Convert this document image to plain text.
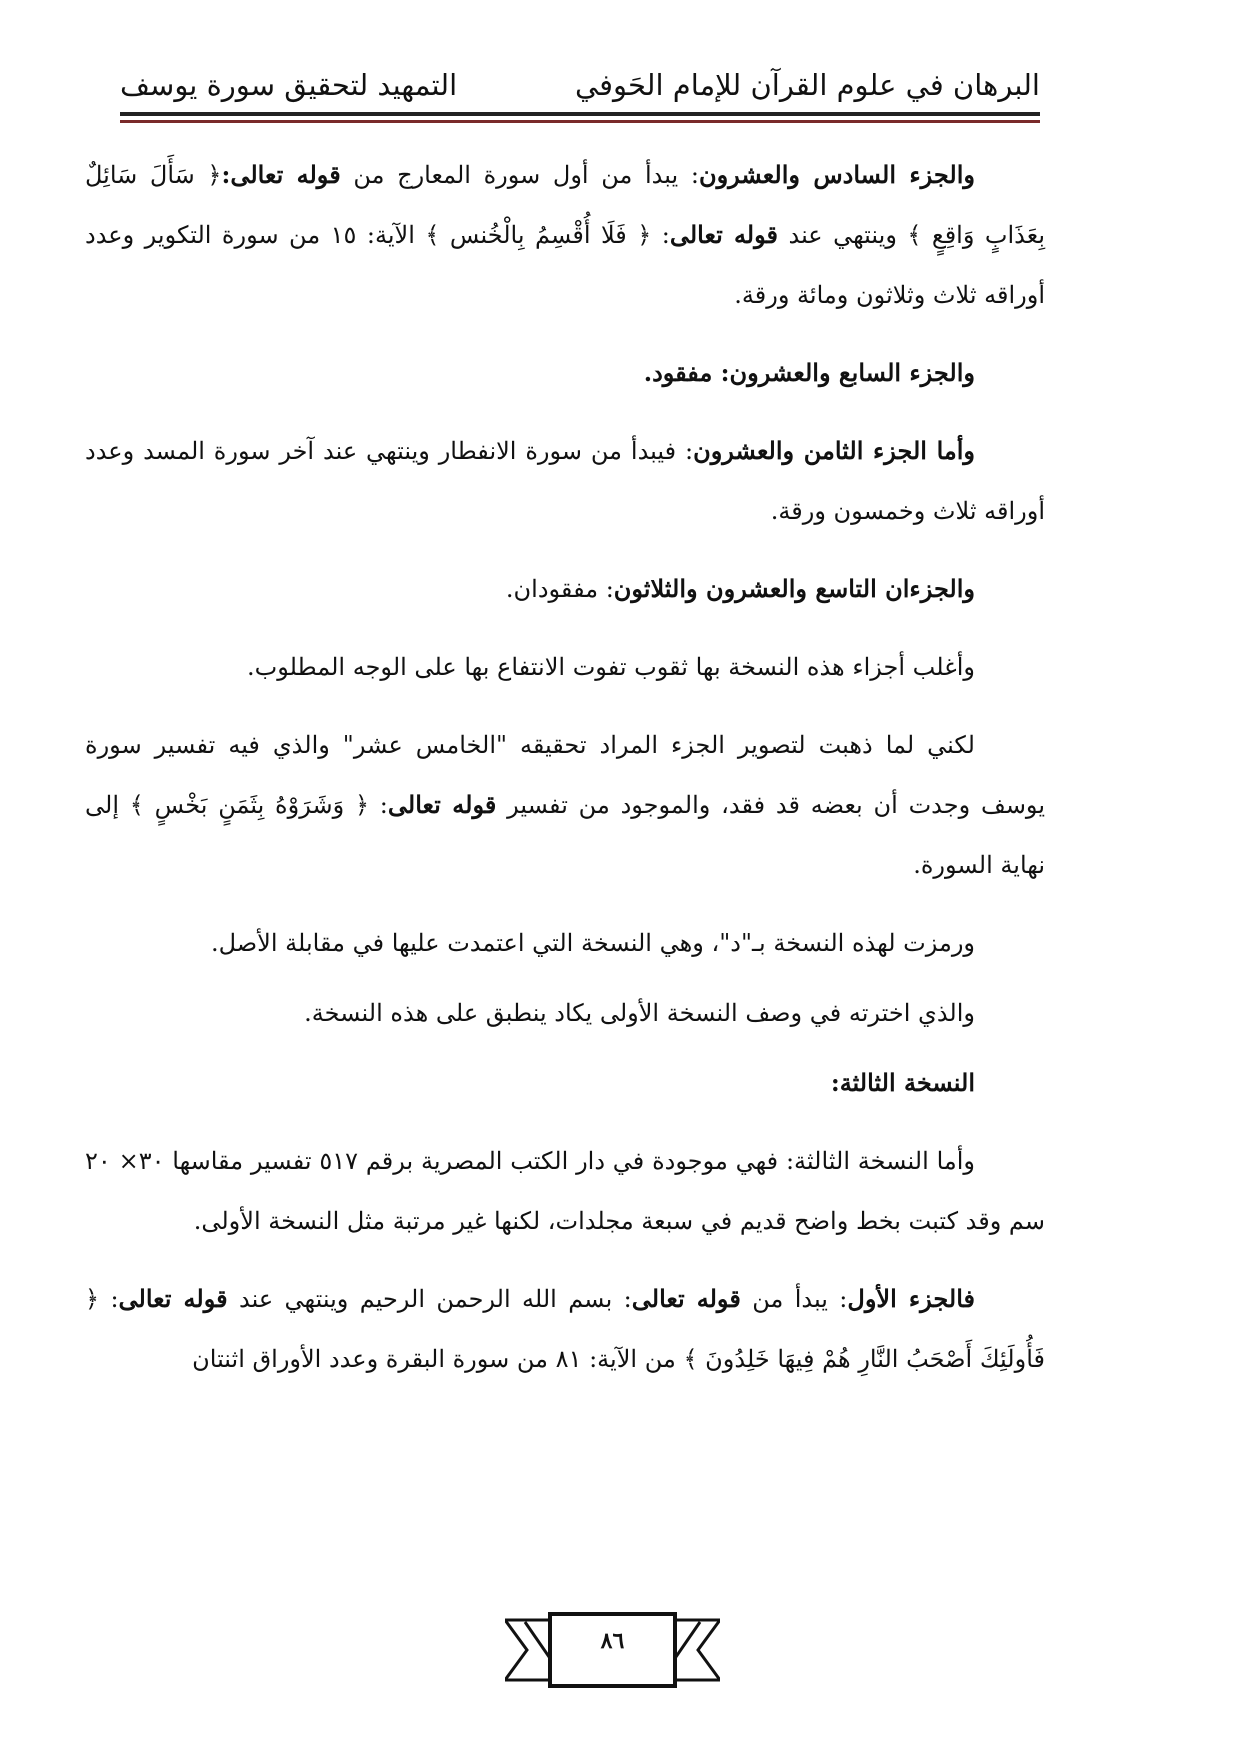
البرهان في علوم القرآن للإمام الحَوفي
التمهيد لتحقيق سورة يوسف

والجزء السادس والعشرون: يبدأ من أول سورة المعارج من قوله تعالى:﴿ سَأَلَ سَائِلٌ بِعَذَابٍ وَاقِعٍ ﴾ وينتهي عند قوله تعالى: ﴿ فَلَا أُقْسِمُ بِالْخُنس ﴾ الآية: ١٥ من سورة التكوير وعدد أوراقه ثلاث وثلاثون ومائة ورقة.

والجزء السابع والعشرون: مفقود.

وأما الجزء الثامن والعشرون: فيبدأ من سورة الانفطار وينتهي عند آخر سورة المسد وعدد أوراقه ثلاث وخمسون ورقة.

والجزءان التاسع والعشرون والثلاثون: مفقودان.

وأغلب أجزاء هذه النسخة بها ثقوب تفوت الانتفاع بها على الوجه المطلوب.

لكني لما ذهبت لتصوير الجزء المراد تحقيقه "الخامس عشر" والذي فيه تفسير سورة يوسف وجدت أن بعضه قد فقد، والموجود من تفسير قوله تعالى: ﴿ وَشَرَوْهُ بِثَمَنٍ بَخْسٍ ﴾ إلى نهاية السورة.

ورمزت لهذه النسخة بـ"د"، وهي النسخة التي اعتمدت عليها في مقابلة الأصل.

والذي اخترته في وصف النسخة الأولى يكاد ينطبق على هذه النسخة.

النسخة الثالثة:

وأما النسخة الثالثة: فهي موجودة في دار الكتب المصرية برقم ٥١٧ تفسير مقاسها ٣٠× ٢٠ سم وقد كتبت بخط واضح قديم في سبعة مجلدات، لكنها غير مرتبة مثل النسخة الأولى.

فالجزء الأول: يبدأ من قوله تعالى: بسم الله الرحمن الرحيم وينتهي عند قوله تعالى: ﴿ فَأُولَئِكَ أَصْحَبُ النَّارِ هُمْ فِيهَا خَلِدُونَ ﴾ من الآية: ٨١ من سورة البقرة وعدد الأوراق اثنتان

٨٦
